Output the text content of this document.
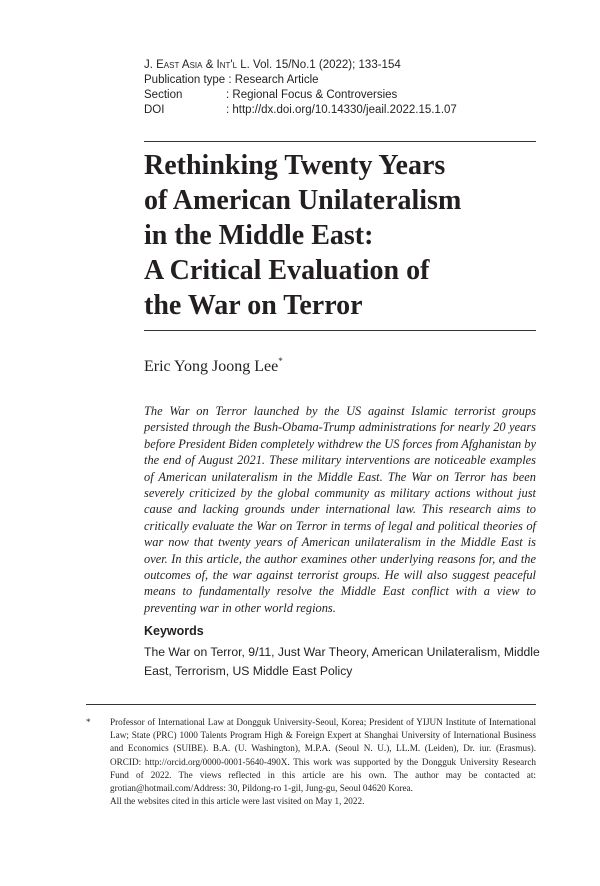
J. East Asia & Int'l L. Vol. 15/No.1 (2022); 133-154
Publication type
: Research Article
Section	: Regional Focus & Controversies
DOI	: http://dx.doi.org/10.14330/jeail.2022.15.1.07
Rethinking Twenty Years
of American Unilateralism
in the Middle East:
A Critical Evaluation of
the War on Terror
Eric Yong Joong Lee*

The War on Terror launched by the US against Islamic terrorist groups persisted through the Bush-Obama-Trump administrations for nearly 20 years before President Biden completely withdrew the US forces from Afghanistan by the end of August 2021. These military interventions are noticeable examples of American unilateralism in the Middle East. The War on Terror has been severely criticized by the global community as military actions without just cause and lacking grounds under international law. This research aims to critically evaluate the War on Terror in terms of legal and political theories of war now that twenty years of American unilateralism in the Middle East is over. In this article, the author examines other underlying reasons for, and the outcomes of, the war against terrorist groups. He will also suggest peaceful means to fundamentally resolve the Middle East conflict with a view to preventing war in other world regions.

Keywords
The War on Terror, 9/11, Just War Theory, American Unilateralism, Middle East, Terrorism, US Middle East Policy
* Professor of International Law at Dongguk University-Seoul, Korea; President of YIJUN Institute of International Law; State (PRC) 1000 Talents Program High & Foreign Expert at Shanghai University of International Business and Economics (SUIBE). B.A. (U. Washington), M.P.A. (Seoul N. U.), LL.M. (Leiden), Dr. iur. (Erasmus). ORCID: http://orcid.org/0000-0001-5640-490X. This work was supported by the Dongguk University Research Fund of 2022. The views reflected in this article are his own. The author may be contacted at: grotian@hotmail.com/Address: 30, Pildong-ro 1-gil, Jung-gu, Seoul 04620 Korea.
All the websites cited in this article were last visited on May 1, 2022.
